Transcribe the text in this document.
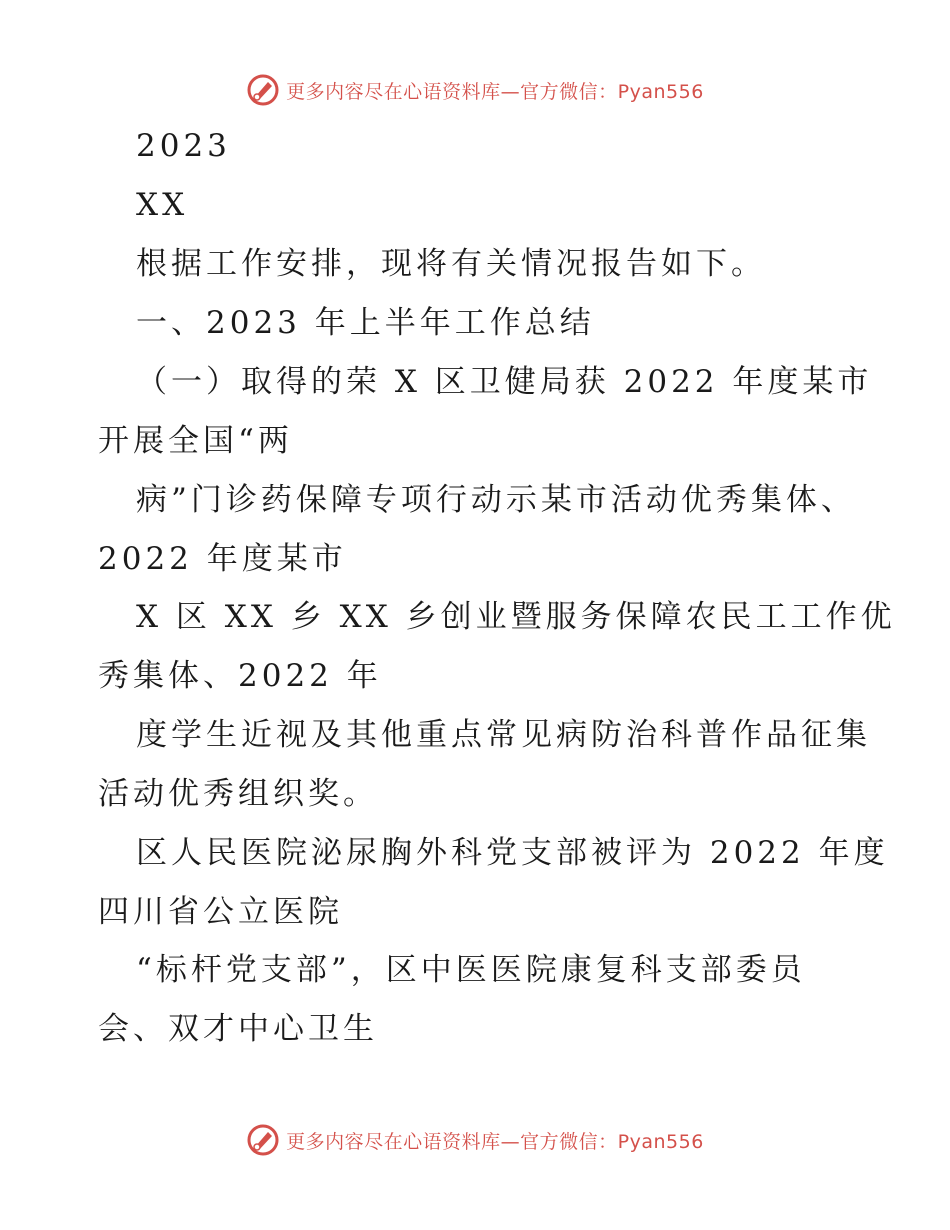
更多内容尽在心语资料库—官方微信：Pyan556
2023
XX
根据工作安排，现将有关情况报告如下。
一、2023 年上半年工作总结
（一）取得的荣 X 区卫健局获 2022 年度某市
开展全国“两
病”门诊药保障专项行动示某市活动优秀集体、
2022 年度某市
X 区 XX 乡 XX 乡创业暨服务保障农民工工作优
秀集体、2022 年
度学生近视及其他重点常见病防治科普作品征集
活动优秀组织奖。
区人民医院泌尿胸外科党支部被评为 2022 年度
四川省公立医院
“标杆党支部”，区中医医院康复科支部委员
会、双才中心卫生
更多内容尽在心语资料库—官方微信：Pyan556
